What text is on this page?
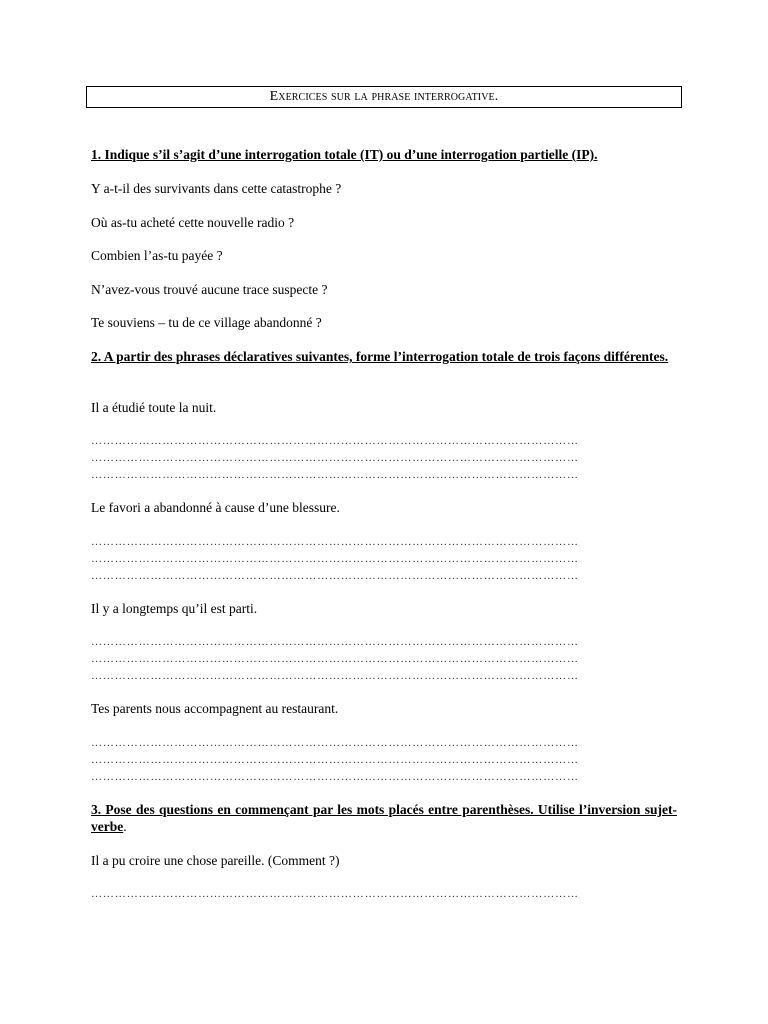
Exercices sur la phrase interrogative.
1. Indique s’il s’agit d’une interrogation totale (IT) ou d’une interrogation partielle (IP).
Y a-t-il des survivants dans cette catastrophe ?
Où as-tu acheté cette nouvelle radio ?
Combien l’as-tu payée ?
N’avez-vous trouvé aucune trace suspecte ?
Te souviens – tu de ce village abandonné ?
2. A partir des phrases déclaratives suivantes, forme l’interrogation totale de trois façons différentes.
Il a étudié toute la nuit.
……………………………………………………………………………………………………………
……………………………………………………………………………………………………………
……………………………………………………………………………………………………………
Le favori a abandonné à cause d’une blessure.
……………………………………………………………………………………………………………
……………………………………………………………………………………………………………
……………………………………………………………………………………………………………
Il y a longtemps qu’il est parti.
……………………………………………………………………………………………………………
……………………………………………………………………………………………………………
……………………………………………………………………………………………………………
Tes parents nous accompagnent au restaurant.
……………………………………………………………………………………………………………
……………………………………………………………………………………………………………
……………………………………………………………………………………………………………
3. Pose des questions en commençant par les mots placés entre parenthèses. Utilise l’inversion sujet-verbe.
Il a pu croire une chose pareille. (Comment ?)
……………………………………………………………………………………………………………
